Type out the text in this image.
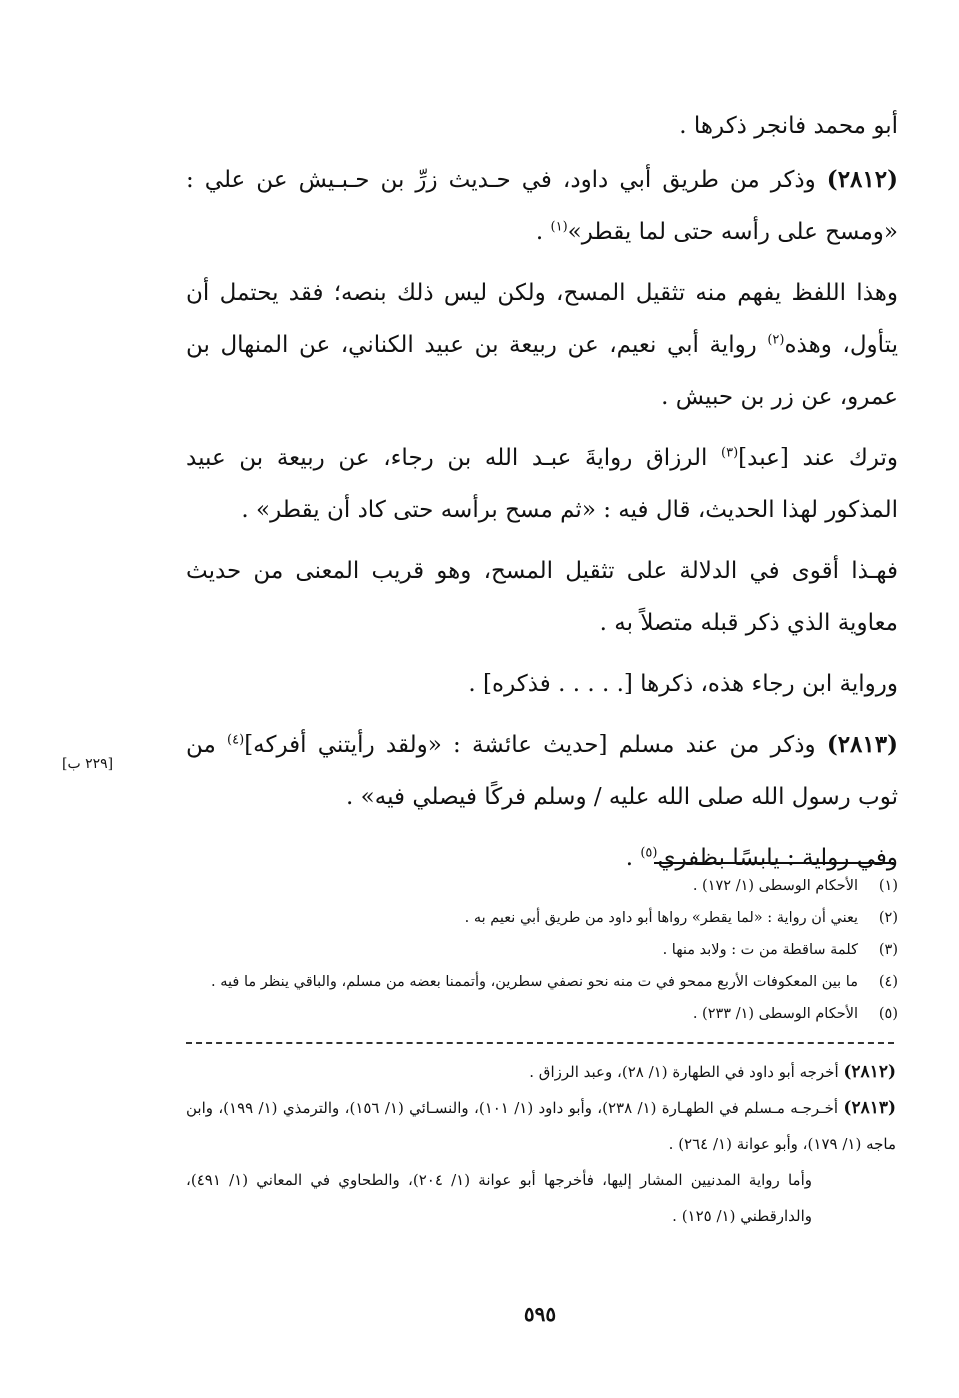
أبو محمد فانجر ذكرها .

(٢٨١٢) وذكر من طريق أبي داود، في حـديث زرِّ بن حـبـيش عن علي : «ومسح على رأسه حتى لما يقطر»$^{(١)}$ .

وهذا اللفظ يفهم منه تثقيل المسح، ولكن ليس ذلك بنصه؛ فقد يحتمل أن يتأول، وهذه$^{(٢)}$ رواية أبي نعيم، عن ربيعة بن عبيد الكناني، عن المنهال بن عمرو، عن زر بن حبيش .

وترك عند [عبد]$^{(٣)}$ الرزاق روايةَ عبـد الله بن رجاء، عن ربيعة بن عبيد المذكور لهذا الحديث، قال فيه : «ثم مسح برأسه حتى كاد أن يقطر» .

فهـذا أقوى في الدلالة على تثقيل المسح، وهو قريب المعنى من حديث معاوية الذي ذكر قبله متصلاً به .

ورواية ابن رجاء هذه، ذكرها [. . . . . فذكره] .

(٢٨١٣) وذكر من عند مسلم [حديث عائشة : «ولقد رأيتني أفركه]$^{(٤)}$ من ثوب رسول الله صلى الله عليه / وسلم فركًا فيصلي فيه» .

وفي رواية : يابسًا بظفري$^{(٥)}$ .

[٢٢٩ ب]
(١)
الأحكام الوسطى (١/ ١٧٢) .
(٢)
يعني أن رواية : «لما يقطر» رواها أبو داود من طريق أبي نعيم به .
(٣)
كلمة ساقطة من ت : ولابد منها .
(٤)
ما بين المعكوفات الأربع ممحو في ت منه نحو نصفي سطرين، وأتممنا بعضه من مسلم، والباقي ينظر ما فيه .
(٥)
الأحكام الوسطى (١/ ٢٣٣) .

(٢٨١٢) أخرجه أبو داود في الطهارة (١/ ٢٨)، وعبد الرزاق .

(٢٨١٣) أخـرجـه مـسلم في الطهـارة (١/ ٢٣٨)، وأبو داود (١/ ١٠١)، والنسـائي (١/ ١٥٦)، والترمذي (١/ ١٩٩)، وابن ماجه (١/ ١٧٩)، وأبو عوانة (١/ ٢٦٤) .

وأما رواية المدنيين المشار إليها، فأخرجها أبو عوانة (١/ ٢٠٤)، والطحاوي في المعاني (١/ ٤٩١)، والدارقطني (١/ ١٢٥) .

٥٩٥
